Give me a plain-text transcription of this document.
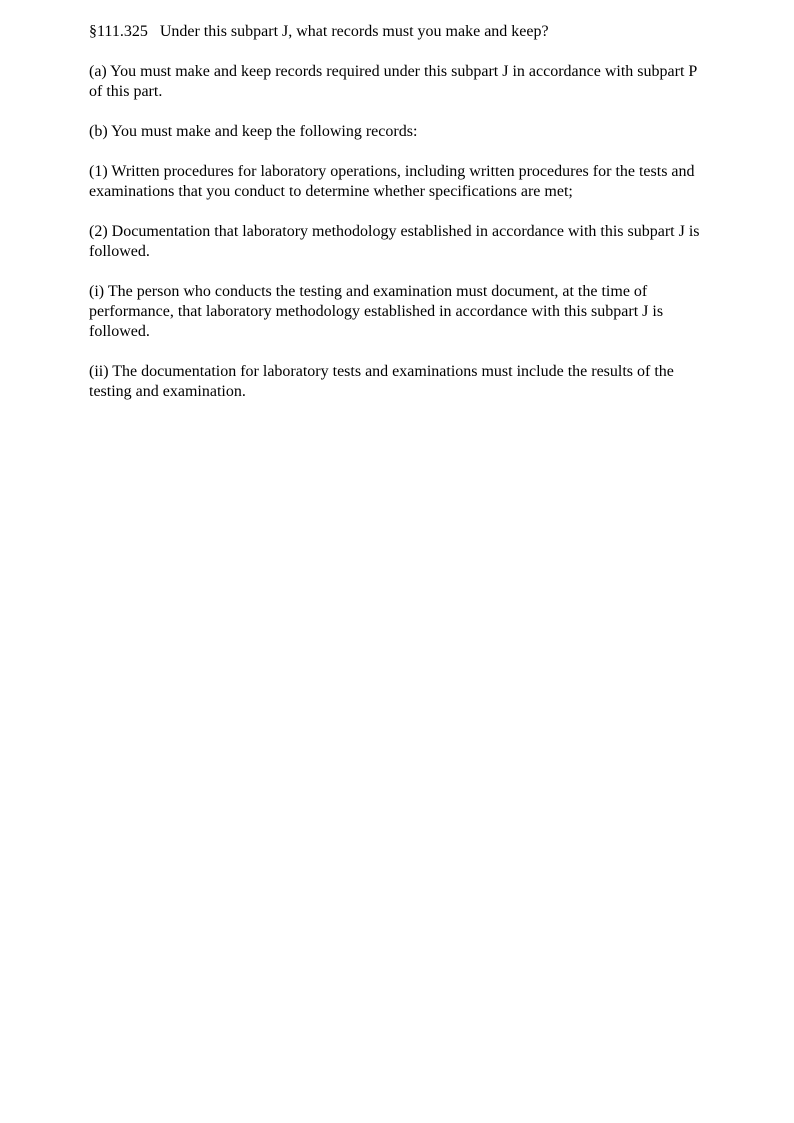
§111.325   Under this subpart J, what records must you make and keep?

(a) You must make and keep records required under this subpart J in accordance with subpart P of this part.

(b) You must make and keep the following records:

(1) Written procedures for laboratory operations, including written procedures for the tests and examinations that you conduct to determine whether specifications are met;

(2) Documentation that laboratory methodology established in accordance with this subpart J is followed.

(i) The person who conducts the testing and examination must document, at the time of performance, that laboratory methodology established in accordance with this subpart J is followed.

(ii) The documentation for laboratory tests and examinations must include the results of the testing and examination.
